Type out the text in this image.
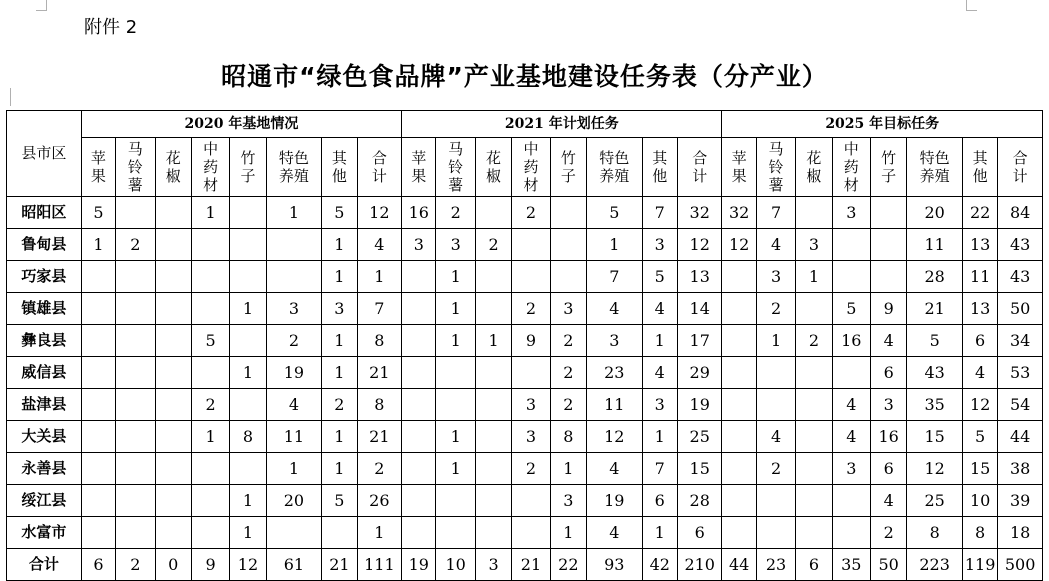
附件 2
昭通市“绿色食品牌”产业基地建设任务表（分产业）
县市区	2020 年基地情况								2021 年计划任务								2025 年目标任务							
	苹
果	马
铃
薯	花
椒	中
药
材	竹
子	特色
养殖	其
他	合
计	苹
果	马
铃
薯	花
椒	中
药
材	竹
子	特色
养殖	其
他	合
计	苹
果	马
铃
薯	花
椒	中
药
材	竹
子	特色
养殖	其
他	合
计
昭阳区	5			1		1	5	12	16	2		2		5	7	32	32	7		3		20	22	84
鲁甸县	1	2					1	4	3	3	2			1	3	12	12	4	3			11	13	43
巧家县							1	1		1				7	5	13		3	1			28	11	43
镇雄县					1	3	3	7		1		2	3	4	4	14		2		5	9	21	13	50
彝良县				5		2	1	8		1	1	9	2	3	1	17		1	2	16	4	5	6	34
威信县					1	19	1	21					2	23	4	29					6	43	4	53
盐津县				2		4	2	8				3	2	11	3	19				4	3	35	12	54
大关县				1	8	11	1	21		1		3	8	12	1	25		4		4	16	15	5	44
永善县						1	1	2		1		2	1	4	7	15		2		3	6	12	15	38
绥江县					1	20	5	26					3	19	6	28					4	25	10	39
水富市					1			1					1	4	1	6					2	8	8	18
合计	6	2	0	9	12	61	21	111	19	10	3	21	22	93	42	210	44	23	6	35	50	223	119	500
